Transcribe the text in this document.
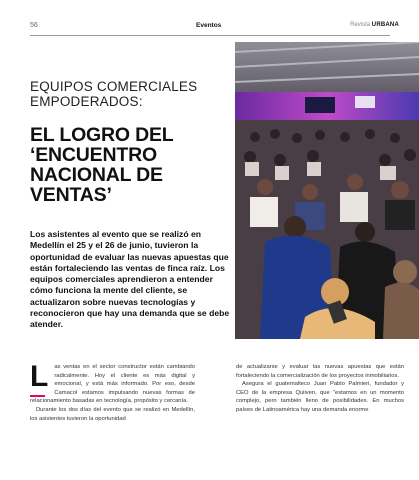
56	Eventos	Revista URBANA
EQUIPOS COMERCIALES EMPODERADOS:
EL LOGRO DEL ‘ENCUENTRO NACIONAL DE VENTAS’

Los asistentes al evento que se realizó en Medellín el 25 y el 26 de junio, tuvieron la oportunidad de evaluar las nuevas apuestas que están fortaleciendo las ventas de finca raíz. Los equipos comerciales aprendieron a entender cómo funciona la mente del cliente, se actualizaron sobre nuevas tecnologías y reconocieron que hay una demanda que se debe atender.

L as ventas en el sector constructor están cambiando radicalmente. Hoy el cliente es más digital y emocional, y está más informado. Por eso, desde Camacol estamos impulsando nuevas formas de relacionamiento basadas en tecnología, propósito y cercanía.
Durante los dos días del evento que se realizó en Medellín, los asistentes tuvieron la oportunidad
de actualizarse y evaluar las nuevas apuestas que están fortaleciendo la comercialización de los proyectos inmobiliarios.
Asegura el guatemalteco Juan Pablo Palmieri, fundador y CEO de la empresa Quiiven, que “estamos en un momento complejo, pero también lleno de posibilidades. En muchos países de Latinoamérica hay una demanda enorme
